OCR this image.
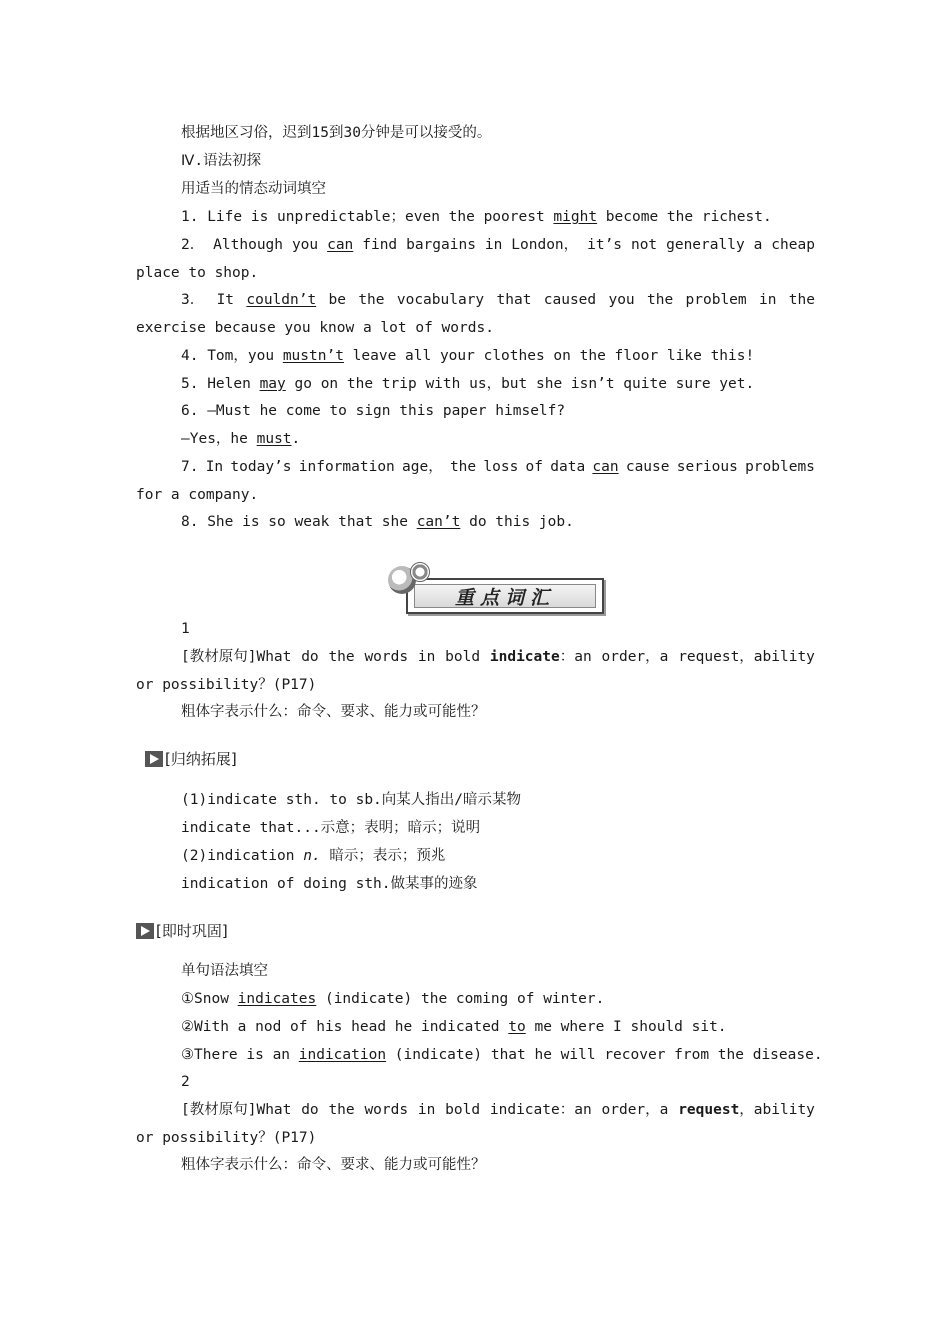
根据地区习俗，迟到15到30分钟是可以接受的。
Ⅳ.语法初探
用适当的情态动词填空
1. Life is unpredictable；even the poorest might become the richest.
2． Although you can find bargains in London， it’s not generally a cheap
place to shop.
3． It couldn’t be the vocabulary that caused you the problem in the
exercise because you know a lot of words.
4. Tom，you mustn’t leave all your clothes on the floor like this!
5. Helen may go on the trip with us，but she isn’t quite sure yet.
6. —Must he come to sign this paper himself?
—Yes，he must.
7. In today’s information age， the loss of data can cause serious problems
for a company.
8. She is so weak that she can’t do this job.
重点词汇
1
[教材原句]What do the words in bold indicate：an order，a request，ability
or possibility？(P17)
粗体字表示什么：命令、要求、能力或可能性？
[归纳拓展]
(1)indicate sth. to sb.向某人指出/暗示某物
indicate that...示意；表明；暗示；说明
(2)indication n. 暗示；表示；预兆
indication of doing sth.做某事的迹象
[即时巩固]
单句语法填空
①Snow indicates (indicate) the coming of winter.
②With a nod of his head he indicated to me where I should sit.
③There is an indication (indicate) that he will recover from the disease.
2
[教材原句]What do the words in bold indicate：an order，a request，ability
or possibility？(P17)
粗体字表示什么：命令、要求、能力或可能性？
